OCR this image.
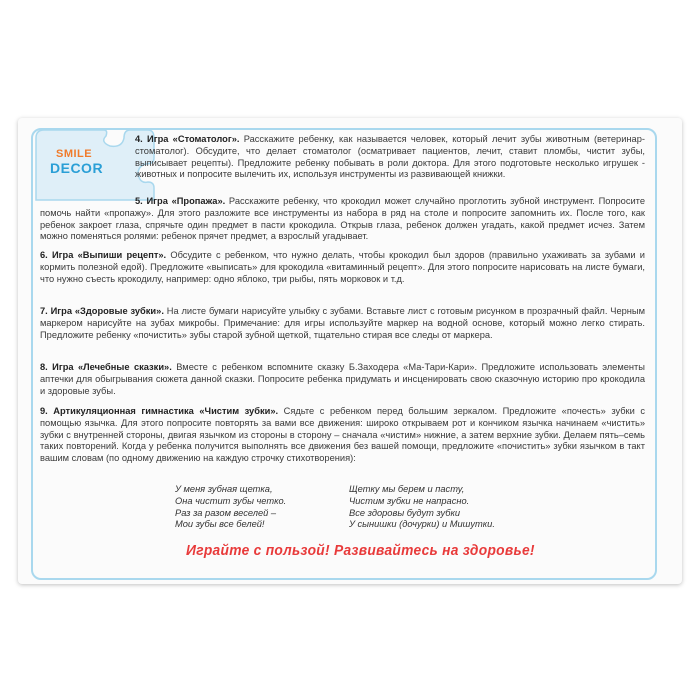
SMILE
DECOR
4. Игра «Стоматолог». Расскажите ребенку, как называется человек, который лечит зубы животным (ветеринар-стоматолог). Обсудите, что делает стоматолог (осматривает пациентов, лечит, ставит пломбы, чистит зубы, выписывает рецепты). Предложите ребенку побывать в роли доктора. Для этого подготовьте несколько игрушек - животных и попросите вылечить их, используя инструменты из развивающей книжки.
5. Игра «Пропажа». Расскажите ребенку, что крокодил может случайно проглотить зубной инструмент. Попросите помочь найти «пропажу». Для этого разложите все инструменты из набора в ряд на столе и попросите запомнить их. После того, как ребенок закроет глаза, спрячьте один предмет в пасти крокодила. Открыв глаза, ребенок должен угадать, какой предмет исчез. Затем можно поменяться ролями: ребенок прячет предмет, а взрослый угадывает.
6. Игра «Выпиши рецепт». Обсудите с ребенком, что нужно делать, чтобы крокодил был здоров (правильно ухаживать за зубами и кормить полезной едой). Предложите «выписать» для крокодила «витаминный рецепт». Для этого попросите нарисовать на листе бумаги, что нужно съесть крокодилу, например: одно яблоко, три рыбы, пять морковок и т.д.
7. Игра «Здоровые зубки». На листе бумаги нарисуйте улыбку с зубами. Вставьте лист с готовым рисунком в прозрачный файл. Черным маркером нарисуйте на зубах микробы. Примечание: для игры используйте маркер на водной основе, который можно легко стирать. Предложите ребенку «почистить» зубы старой зубной щеткой, тщательно стирая все следы от маркера.
8. Игра «Лечебные сказки». Вместе с ребенком вспомните сказку Б.Заходера «Ма-Тари-Кари». Предложите использовать элементы аптечки для обыгрывания сюжета данной сказки. Попросите ребенка придумать и инсценировать свою сказочную историю про крокодила и здоровые зубы.
9. Артикуляционная гимнастика «Чистим зубки». Сядьте с ребенком перед большим зеркалом. Предложите «почесть» зубки с помощью язычка. Для этого попросите повторять за вами все движения: широко открываем рот и кончиком язычка начинаем «чистить» зубки с внутренней стороны, двигая язычком из стороны в сторону – сначала «чистим» нижние, а затем верхние зубки. Делаем пять–семь таких повторений. Когда у ребенка получится выполнять все движения без вашей помощи, предложите «почистить» зубки язычком в такт вашим словам (по одному движению на каждую строчку стихотворения):
У меня зубная щетка,
Она чистит зубы четко.
Раз за разом веселей –
Мои зубы все белей!
Щетку мы берем и пасту,
Чистим зубки не напрасно.
Все здоровы будут зубки
У сынишки (дочурки) и Мишутки.
Играйте с пользой! Развивайтесь на здоровье!
